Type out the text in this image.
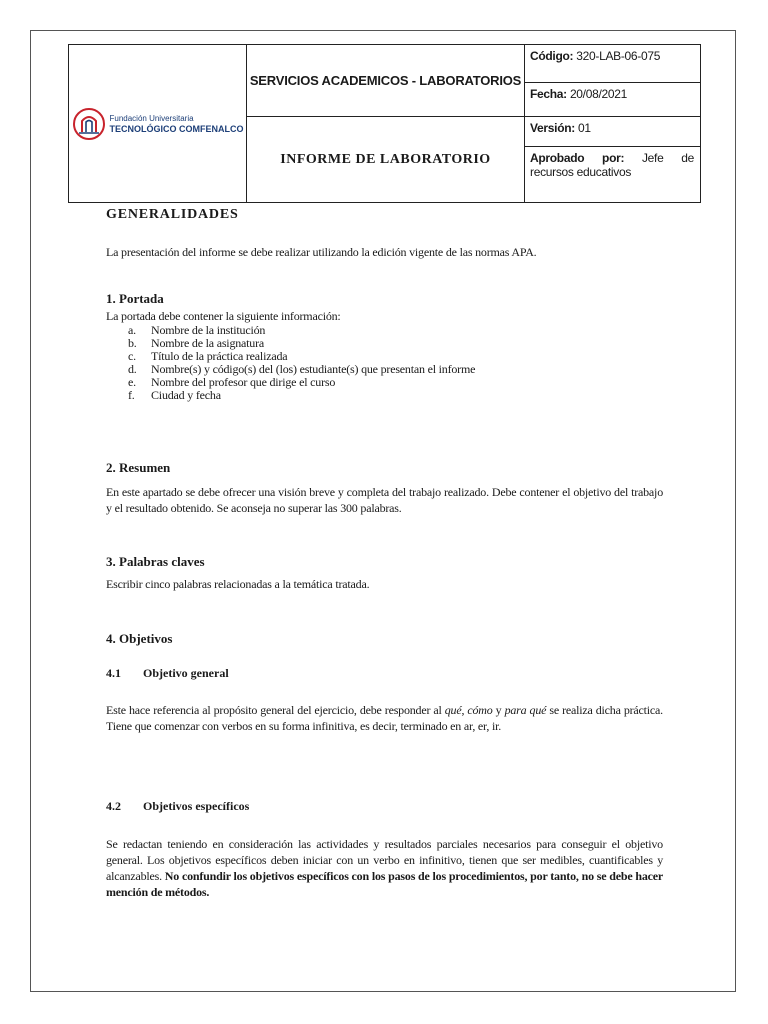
Fundación Universitaria
TECNOLÓGICO COMFENALCO	SERVICIOS ACADEMICOS - LABORATORIOS	Código: 320-LAB-06-075

		Fecha: 20/08/2021

	INFORME DE LABORATORIO	Versión: 01

		Aprobado por: Jefe de
recursos educativos
GENERALIDADES
La presentación del informe se debe realizar utilizando la edición vigente de las normas APA.
1. Portada
La portada debe contener la siguiente información:
a. Nombre de la institución
b. Nombre de la asignatura
c. Título de la práctica realizada
d. Nombre(s) y código(s) del (los) estudiante(s) que presentan el informe
e. Nombre del profesor que dirige el curso
f. Ciudad y fecha
2. Resumen
En este apartado se debe ofrecer una visión breve y completa del trabajo realizado. Debe contener el objetivo del trabajo y el resultado obtenido. Se aconseja no superar las 300 palabras.
3. Palabras claves
Escribir cinco palabras relacionadas a la temática tratada.
4. Objetivos
4.1 Objetivo general
Este hace referencia al propósito general del ejercicio, debe responder al qué, cómo y para qué se realiza dicha práctica. Tiene que comenzar con verbos en su forma infinitiva, es decir, terminado en ar, er, ir.
4.2 Objetivos específicos
Se redactan teniendo en consideración las actividades y resultados parciales necesarios para conseguir el objetivo general. Los objetivos específicos deben iniciar con un verbo en infinitivo, tienen que ser medibles, cuantificables y alcanzables. No confundir los objetivos específicos con los pasos de los procedimientos, por tanto, no se debe hacer mención de métodos.
